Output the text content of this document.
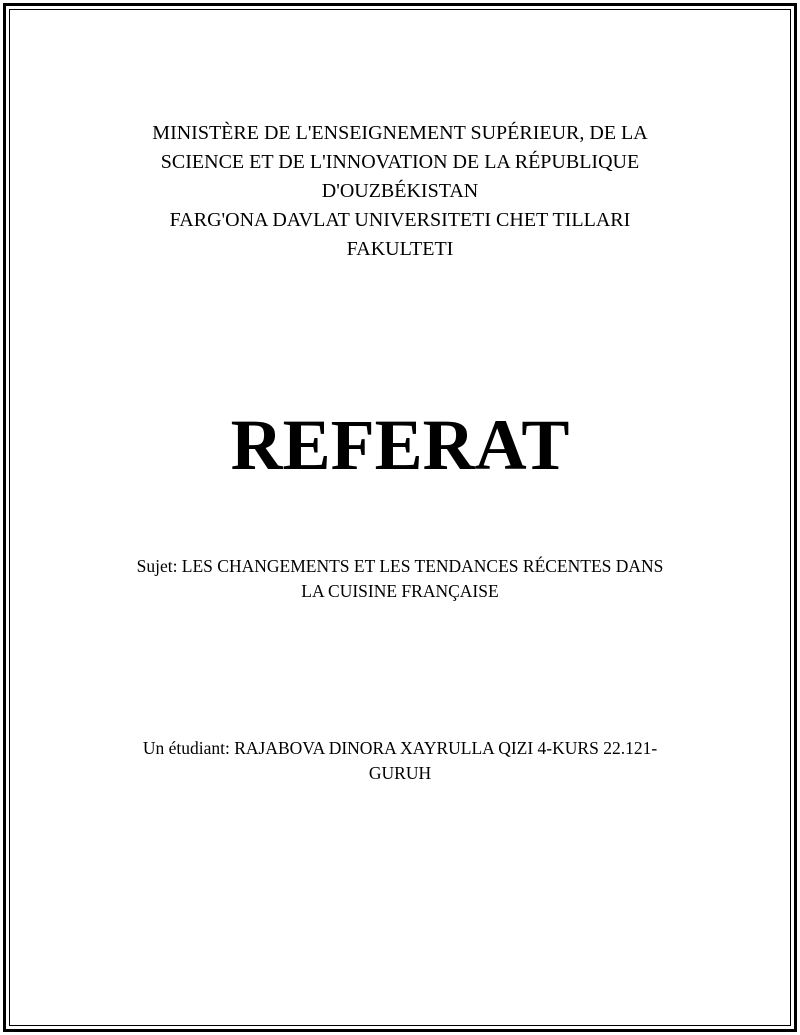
MINISTÈRE DE L'ENSEIGNEMENT SUPÉRIEUR, DE LA
SCIENCE ET DE L'INNOVATION DE LA RÉPUBLIQUE
D'OUZBÉKISTAN
FARG'ONA DAVLAT UNIVERSITETI CHET TILLARI
FAKULTETI
REFERAT
Sujet: LES CHANGEMENTS ET LES TENDANCES RÉCENTES DANS
LA CUISINE FRANÇAISE
Un étudiant: RAJABOVA DINORA XAYRULLA QIZI 4-KURS 22.121-
GURUH
